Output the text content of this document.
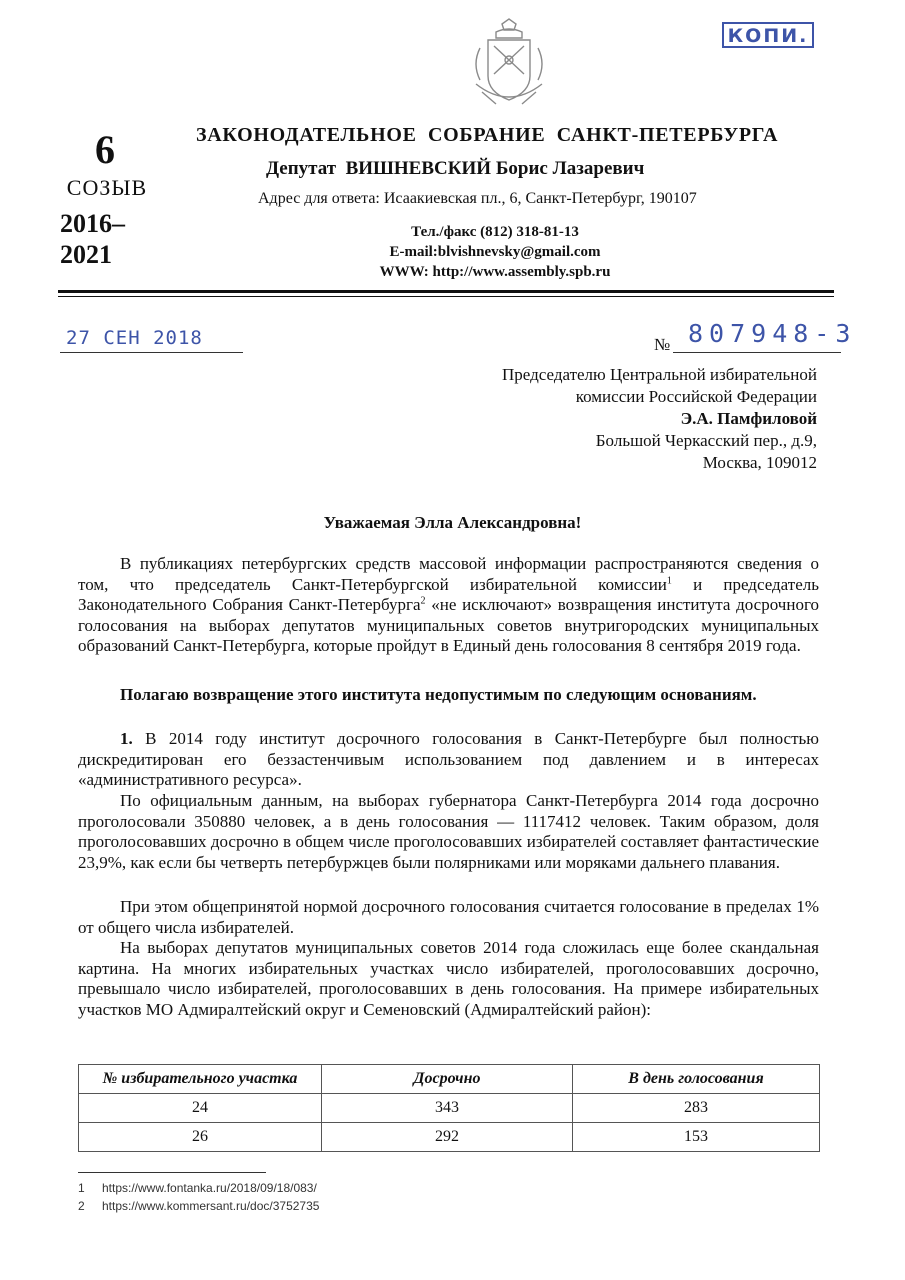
КОПИ.
6
СОЗЫВ
2016–
2021
ЗАКОНОДАТЕЛЬНОЕ  СОБРАНИЕ  САНКТ-ПЕТЕРБУРГА
Депутат  ВИШНЕВСКИЙ Борис Лазаревич
Адрес для ответа: Исаакиевская пл., 6, Санкт-Петербург, 190107
Тел./факс (812) 318-81-13
E-mail:blvishnevsky@gmail.com
WWW: http://www.assembly.spb.ru
27 СЕН 2018	№ 807948-3
Председателю Центральной избирательной
комиссии Российской Федерации
Э.А. Памфиловой
Большой Черкасский пер., д.9,
Москва, 109012
Уважаемая Элла Александровна!
В публикациях петербургских средств массовой информации распространяются сведения о том, что председатель Санкт-Петербургской избирательной комиссии$^1$ и председатель Законодательного Собрания Санкт-Петербурга$^2$ «не исключают» возвращения института досрочного голосования на выборах депутатов муниципальных советов внутригородских муниципальных образований Санкт-Петербурга, которые пройдут в Единый день голосования 8 сентября 2019 года.
Полагаю возвращение этого института недопустимым по следующим основаниям.
1. В 2014 году институт досрочного голосования в Санкт-Петербурге был полностью дискредитирован его беззастенчивым использованием под давлением и в интересах «административного ресурса».
По официальным данным, на выборах губернатора Санкт-Петербурга 2014 года досрочно проголосовали 350880 человек, а в день голосования — 1117412 человек. Таким образом, доля проголосовавших досрочно в общем числе проголосовавших избирателей составляет фантастические 23,9%, как если бы четверть петербуржцев были полярниками или моряками дальнего плавания.
При этом общепринятой нормой досрочного голосования считается голосование в пределах 1% от общего числа избирателей.
На выборах депутатов муниципальных советов 2014 года сложилась еще более скандальная картина. На многих избирательных участках число избирателей, проголосовавших досрочно, превышало число избирателей, проголосовавших в день голосования. На примере избирательных участков МО Адмиралтейский округ и Семеновский (Адмиралтейский район):
№ избирательного участка	Досрочно	В день голосования
24	343	283
26	292	153
1 https://www.fontanka.ru/2018/09/18/083/
2 https://www.kommersant.ru/doc/3752735
